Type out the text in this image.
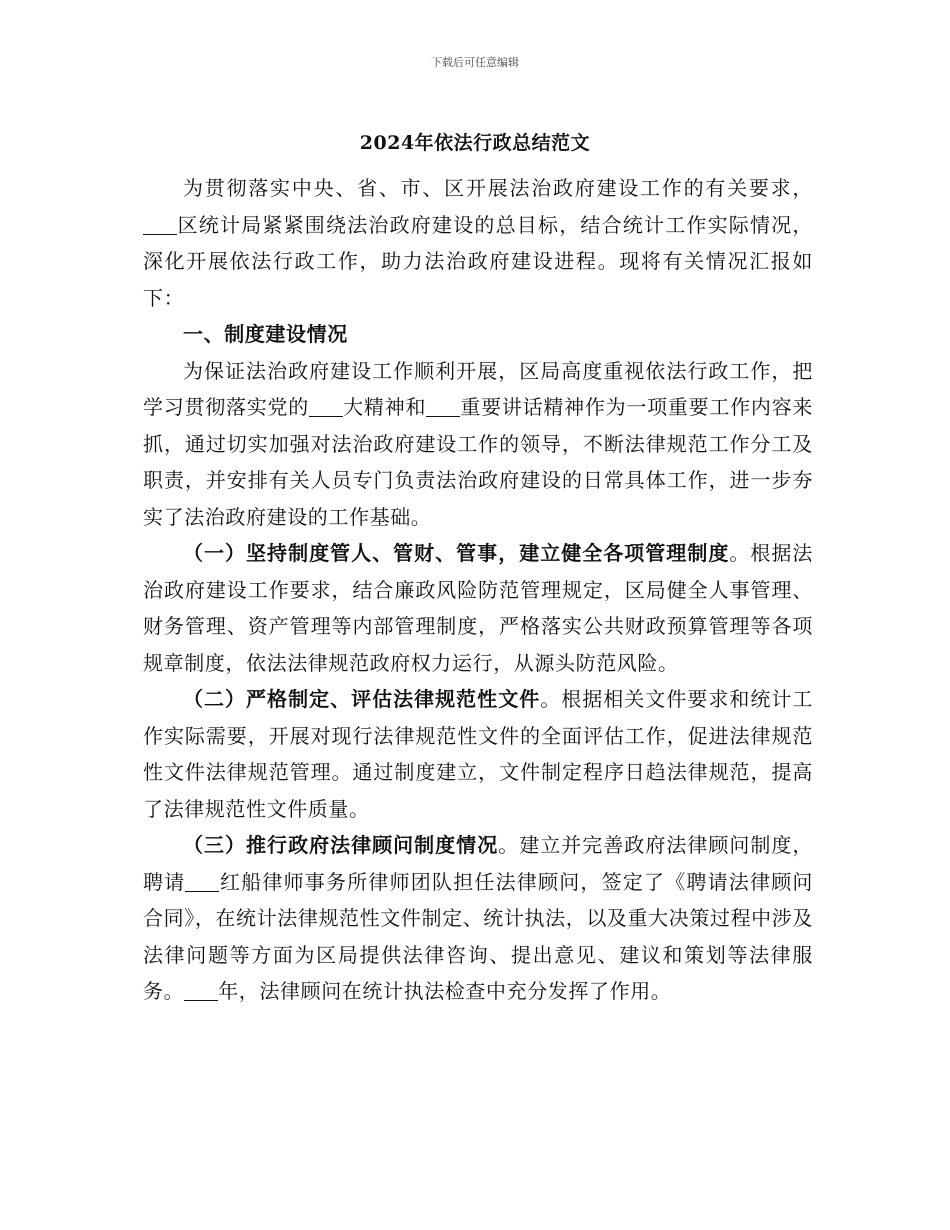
下载后可任意编辑
2024年依法行政总结范文

为贯彻落实中央、省、市、区开展法治政府建设工作的有关要求，区统计局紧紧围绕法治政府建设的总目标，结合统计工作实际情况，深化开展依法行政工作，助力法治政府建设进程。现将有关情况汇报如下：

一、制度建设情况

为保证法治政府建设工作顺利开展，区局高度重视依法行政工作，把学习贯彻落实党的 大精神和 重要讲话精神作为一项重要工作内容来抓，通过切实加强对法治政府建设工作的领导，不断法律规范工作分工及职责，并安排有关人员专门负责法治政府建设的日常具体工作，进一步夯实了法治政府建设的工作基础。

（一）坚持制度管人、管财、管事，建立健全各项管理制度。根据法治政府建设工作要求，结合廉政风险防范管理规定，区局健全人事管理、财务管理、资产管理等内部管理制度，严格落实公共财政预算管理等各项规章制度，依法法律规范政府权力运行，从源头防范风险。

（二）严格制定、评估法律规范性文件。根据相关文件要求和统计工作实际需要，开展对现行法律规范性文件的全面评估工作，促进法律规范性文件法律规范管理。通过制度建立，文件制定程序日趋法律规范，提高了法律规范性文件质量。

（三）推行政府法律顾问制度情况。建立并完善政府法律顾问制度，聘请 红船律师事务所律师团队担任法律顾问，签定了《聘请法律顾问合同》，在统计法律规范性文件制定、统计执法，以及重大决策过程中涉及法律问题等方面为区局提供法律咨询、提出意见、建议和策划等法律服务。 年，法律顾问在统计执法检查中充分发挥了作用。
